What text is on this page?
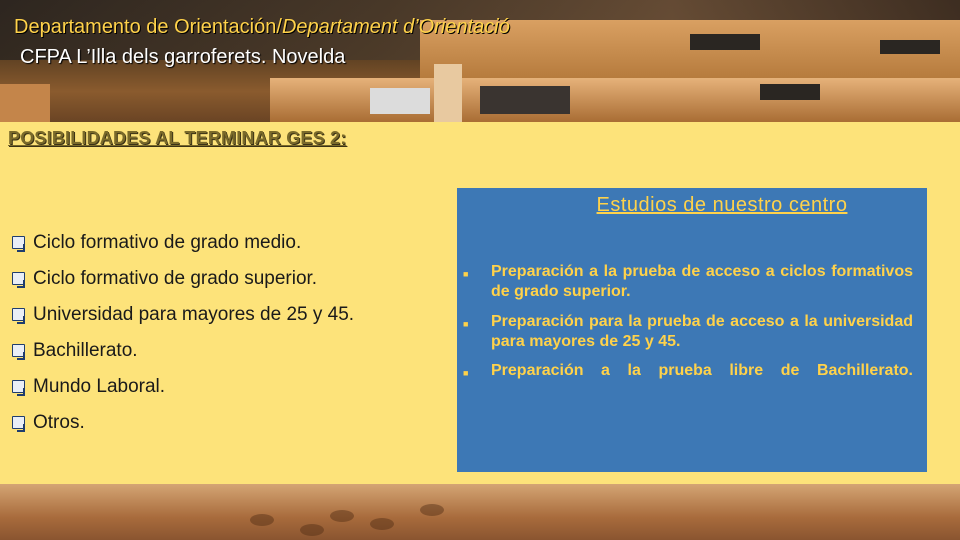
Departamento de Orientación/Departament d’Orientació
CFPA L’Illa dels garroferets. Novelda
POSIBILIDADES AL TERMINAR GES 2:
Ciclo formativo de grado medio.
Ciclo formativo de grado superior.
Universidad para mayores de 25 y 45.
Bachillerato.
Mundo Laboral.
Otros.
Estudios de nuestro centro
■	Preparación a la prueba de acceso a ciclos formativos de grado superior.
■	Preparación para la prueba de acceso a la universidad para mayores de 25 y 45.
■	Preparación a la prueba libre de Bachillerato.
